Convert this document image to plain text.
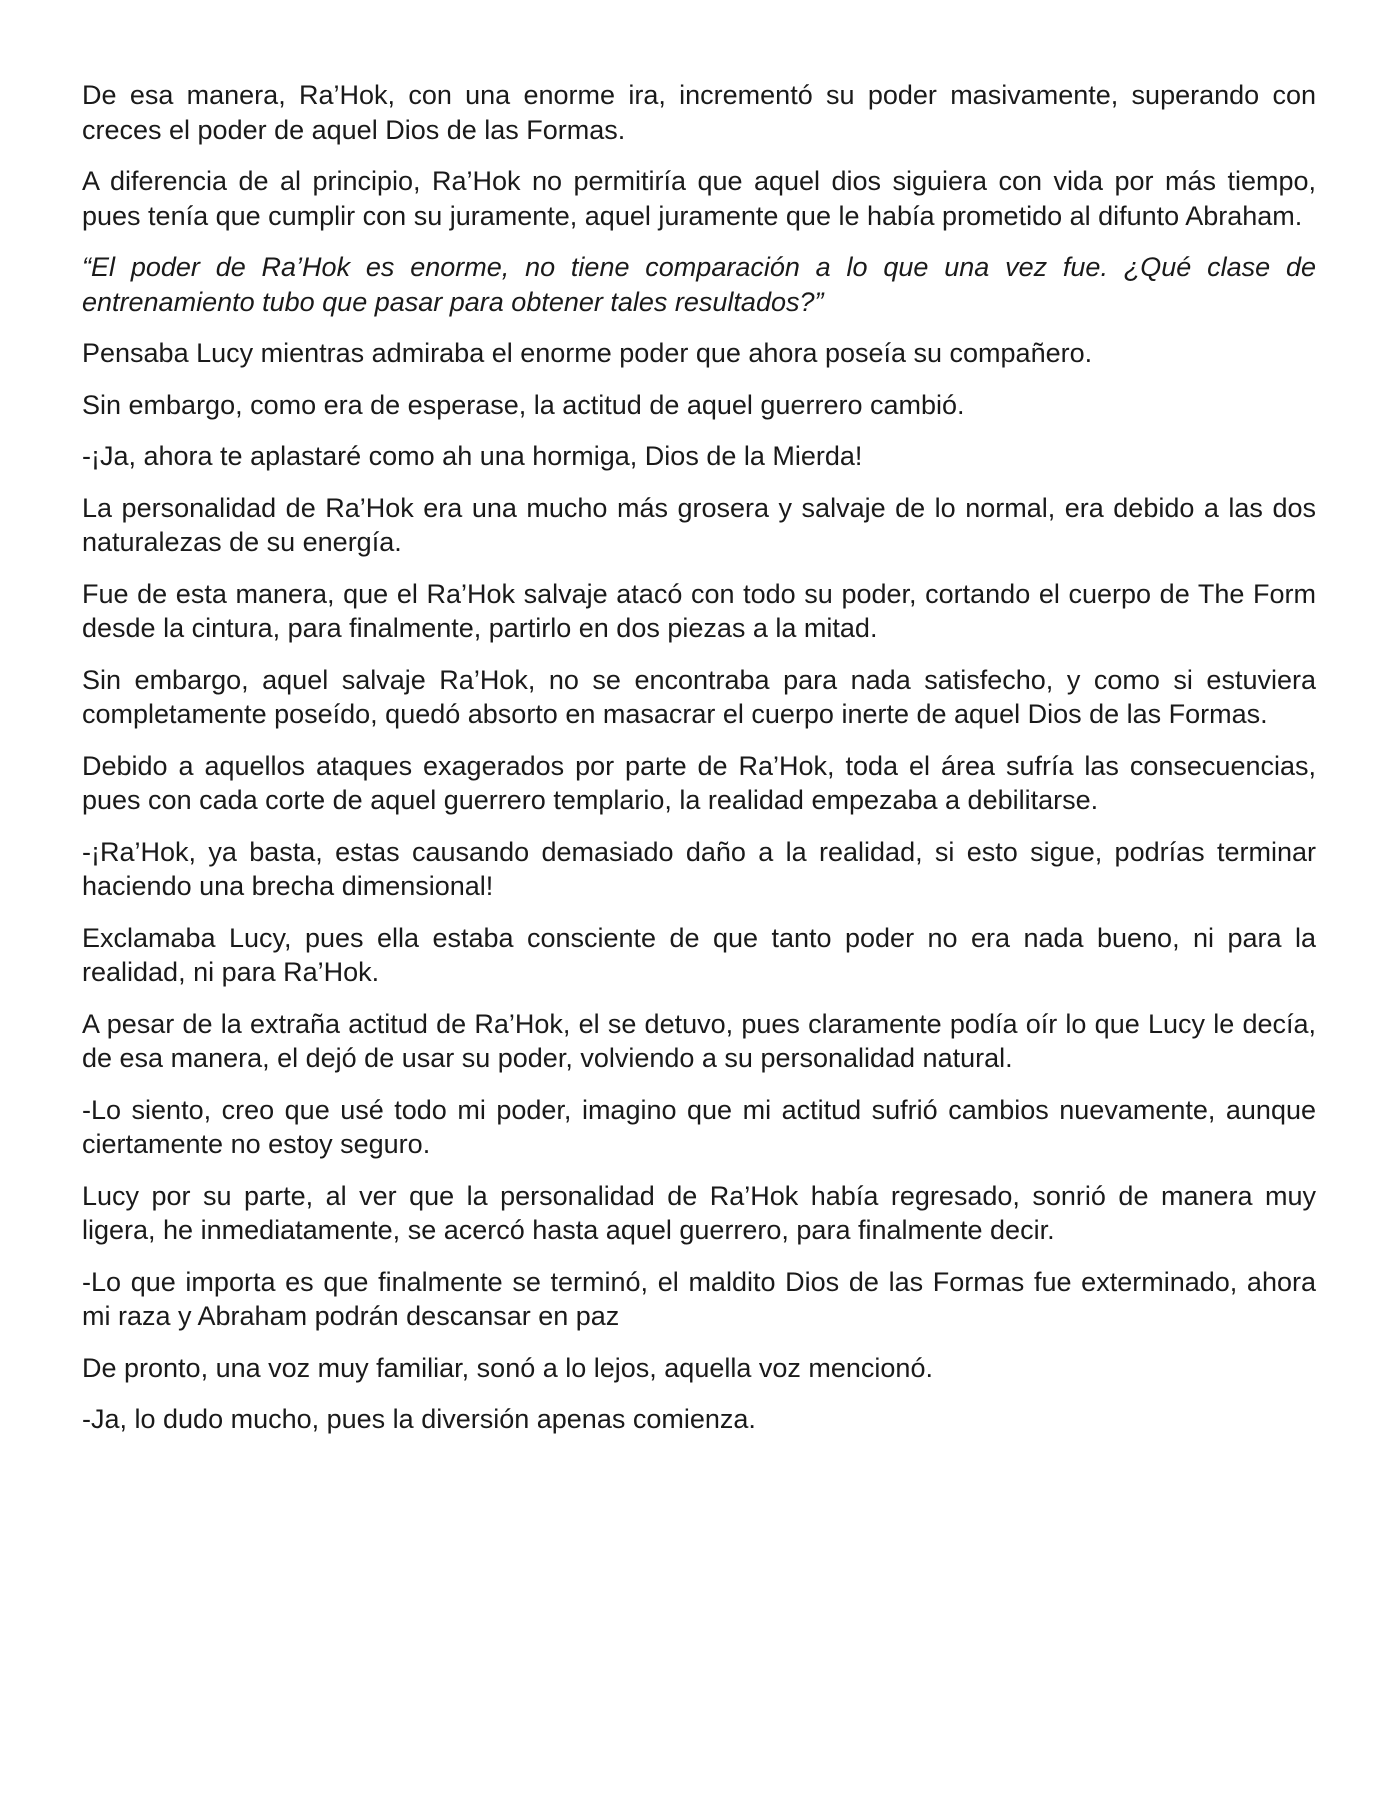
De esa manera, Ra’Hok, con una enorme ira, incrementó su poder masivamente, superando con creces el poder de aquel Dios de las Formas.

A diferencia de al principio, Ra’Hok no permitiría que aquel dios siguiera con vida por más tiempo, pues tenía que cumplir con su juramente, aquel juramente que le había prometido al difunto Abraham.

“El poder de Ra’Hok es enorme, no tiene comparación a lo que una vez fue. ¿Qué clase de entrenamiento tubo que pasar para obtener tales resultados?”

Pensaba Lucy mientras admiraba el enorme poder que ahora poseía su compañero.

Sin embargo, como era de esperase, la actitud de aquel guerrero cambió.

-¡Ja, ahora te aplastaré como ah una hormiga, Dios de la Mierda!

La personalidad de Ra’Hok era una mucho más grosera y salvaje de lo normal, era debido a las dos naturalezas de su energía.

Fue de esta manera, que el Ra’Hok salvaje atacó con todo su poder, cortando el cuerpo de The Form desde la cintura, para finalmente, partirlo en dos piezas a la mitad.

Sin embargo, aquel salvaje Ra’Hok, no se encontraba para nada satisfecho, y como si estuviera completamente poseído, quedó absorto en masacrar el cuerpo inerte de aquel Dios de las Formas.

Debido a aquellos ataques exagerados por parte de Ra’Hok, toda el área sufría las consecuencias, pues con cada corte de aquel guerrero templario, la realidad empezaba a debilitarse.

-¡Ra’Hok, ya basta, estas causando demasiado daño a la realidad, si esto sigue, podrías terminar haciendo una brecha dimensional!

Exclamaba Lucy, pues ella estaba consciente de que tanto poder no era nada bueno, ni para la realidad, ni para Ra’Hok.

A pesar de la extraña actitud de Ra’Hok, el se detuvo, pues claramente podía oír lo que Lucy le decía, de esa manera, el dejó de usar su poder, volviendo a su personalidad natural.

-Lo siento, creo que usé todo mi poder, imagino que mi actitud sufrió cambios nuevamente, aunque ciertamente no estoy seguro.

Lucy por su parte, al ver que la personalidad de Ra’Hok había regresado, sonrió de manera muy ligera, he inmediatamente, se acercó hasta aquel guerrero, para finalmente decir.

-Lo que importa es que finalmente se terminó, el maldito Dios de las Formas fue exterminado, ahora mi raza y Abraham podrán descansar en paz

De pronto, una voz muy familiar, sonó a lo lejos, aquella voz mencionó.

-Ja, lo dudo mucho, pues la diversión apenas comienza.
